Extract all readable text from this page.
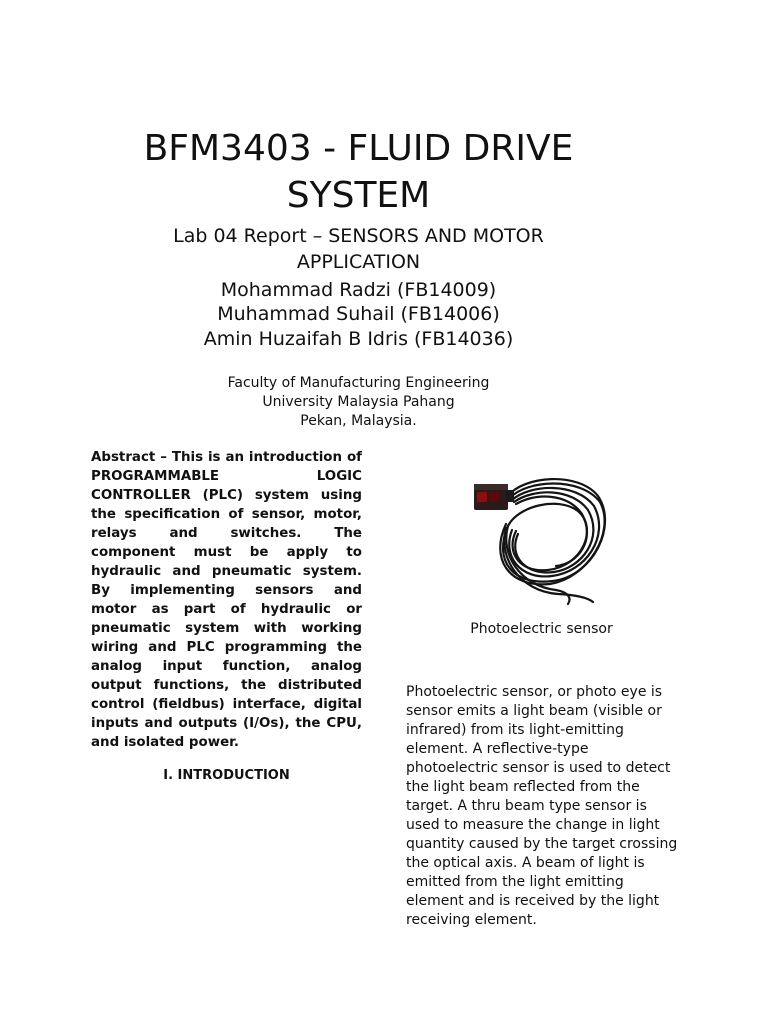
BFM3403 - FLUID DRIVE
SYSTEM
Lab 04 Report – SENSORS AND MOTOR
APPLICATION
Mohammad Radzi (FB14009)
Muhammad Suhail (FB14006)
Amin Huzaifah B Idris (FB14036)
Faculty of Manufacturing Engineering
University Malaysia Pahang
Pekan, Malaysia.

Abstract – This is an introduction of PROGRAMMABLE LOGIC CONTROLLER (PLC) system using the specification of sensor, motor, relays and switches. The component must be apply to hydraulic and pneumatic system. By implementing sensors and motor as part of hydraulic or pneumatic system with working wiring and PLC programming the analog input function, analog output functions, the distributed control (fieldbus) interface, digital inputs and outputs (I/Os), the CPU, and isolated power.

I. INTRODUCTION
Photoelectric sensor

Photoelectric sensor, or photo eye is sensor emits a light beam (visible or infrared) from its light-emitting element. A reflective-type photoelectric sensor is used to detect the light beam reflected from the target. A thru beam type sensor is used to measure the change in light quantity caused by the target crossing the optical axis. A beam of light is emitted from the light emitting element and is received by the light receiving element.
